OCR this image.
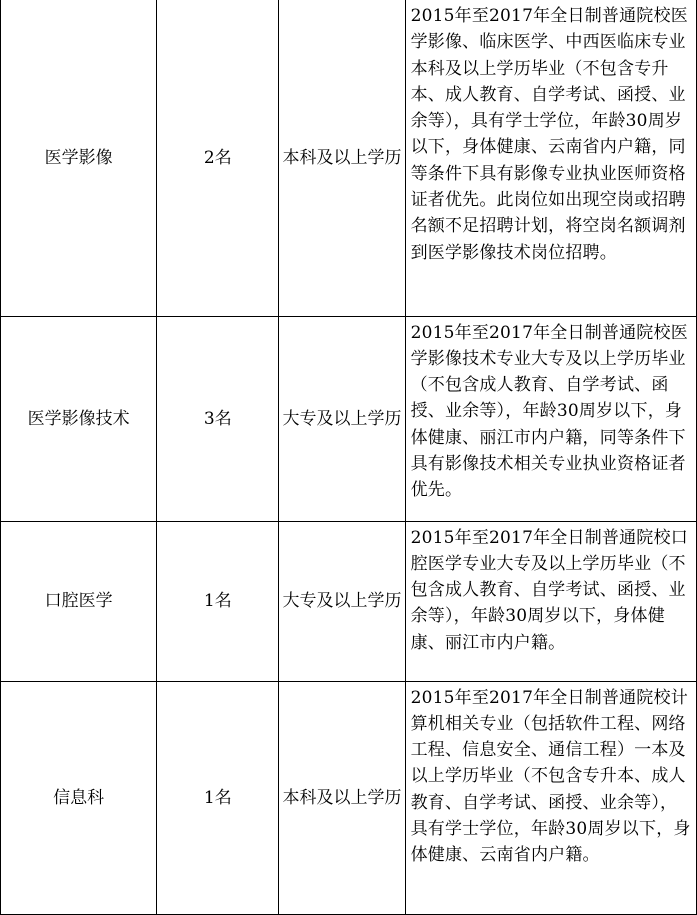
医学影像	2名	本科及以上学历	2015年至2017年全日制普通院校医学影像、临床医学、中西医临床专业本科及以上学历毕业（不包含专升本、成人教育、自学考试、函授、业余等），具有学士学位，年龄30周岁以下，身体健康、云南省内户籍，同等条件下具有影像专业执业医师资格证者优先。此岗位如出现空岗或招聘名额不足招聘计划，将空岗名额调剂到医学影像技术岗位招聘。
医学影像技术	3名	大专及以上学历	2015年至2017年全日制普通院校医学影像技术专业大专及以上学历毕业（不包含成人教育、自学考试、函授、业余等），年龄30周岁以下，身体健康、丽江市内户籍，同等条件下具有影像技术相关专业执业资格证者优先。
口腔医学	1名	大专及以上学历	2015年至2017年全日制普通院校口腔医学专业大专及以上学历毕业（不包含成人教育、自学考试、函授、业余等），年龄30周岁以下，身体健康、丽江市内户籍。
信息科	1名	本科及以上学历	2015年至2017年全日制普通院校计算机相关专业（包括软件工程、网络工程、信息安全、通信工程）一本及以上学历毕业（不包含专升本、成人教育、自学考试、函授、业余等），具有学士学位，年龄30周岁以下，身体健康、云南省内户籍。
